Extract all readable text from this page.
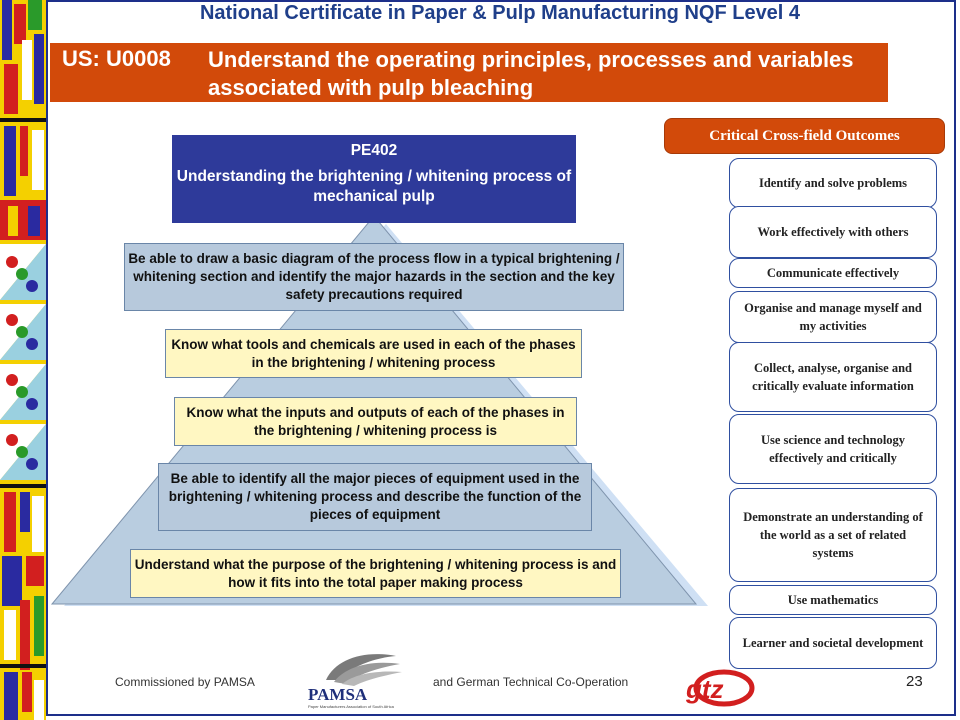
National Certificate in Paper & Pulp Manufacturing NQF Level 4
US: U0008 Understand the operating principles, processes and variables associated with pulp bleaching
PE402
Understanding the brightening / whitening process of mechanical pulp
Be able to draw a basic diagram of the process flow in a typical brightening / whitening section and identify the major hazards in the section and the key safety precautions required
Know what tools and chemicals are used in each of the phases in the brightening / whitening process
Know what the inputs and outputs of each of the phases in the brightening / whitening process is
Be able to identify all the major pieces of equipment used in the brightening / whitening process and describe the function of the pieces of equipment
Understand what the purpose of the brightening / whitening process is and how it fits into the total paper making process
Critical Cross-field Outcomes
Identify and solve problems
Work effectively with others
Communicate effectively
Organise and manage myself and my activities
Collect, analyse, organise and critically evaluate information
Use science and technology effectively and critically
Demonstrate an understanding of the world as a set of related systems
Use mathematics
Learner and societal development
Commissioned by PAMSA
PAMSA
Paper Manufacturers Association of South Africa
and German Technical Co-Operation gtz	23
